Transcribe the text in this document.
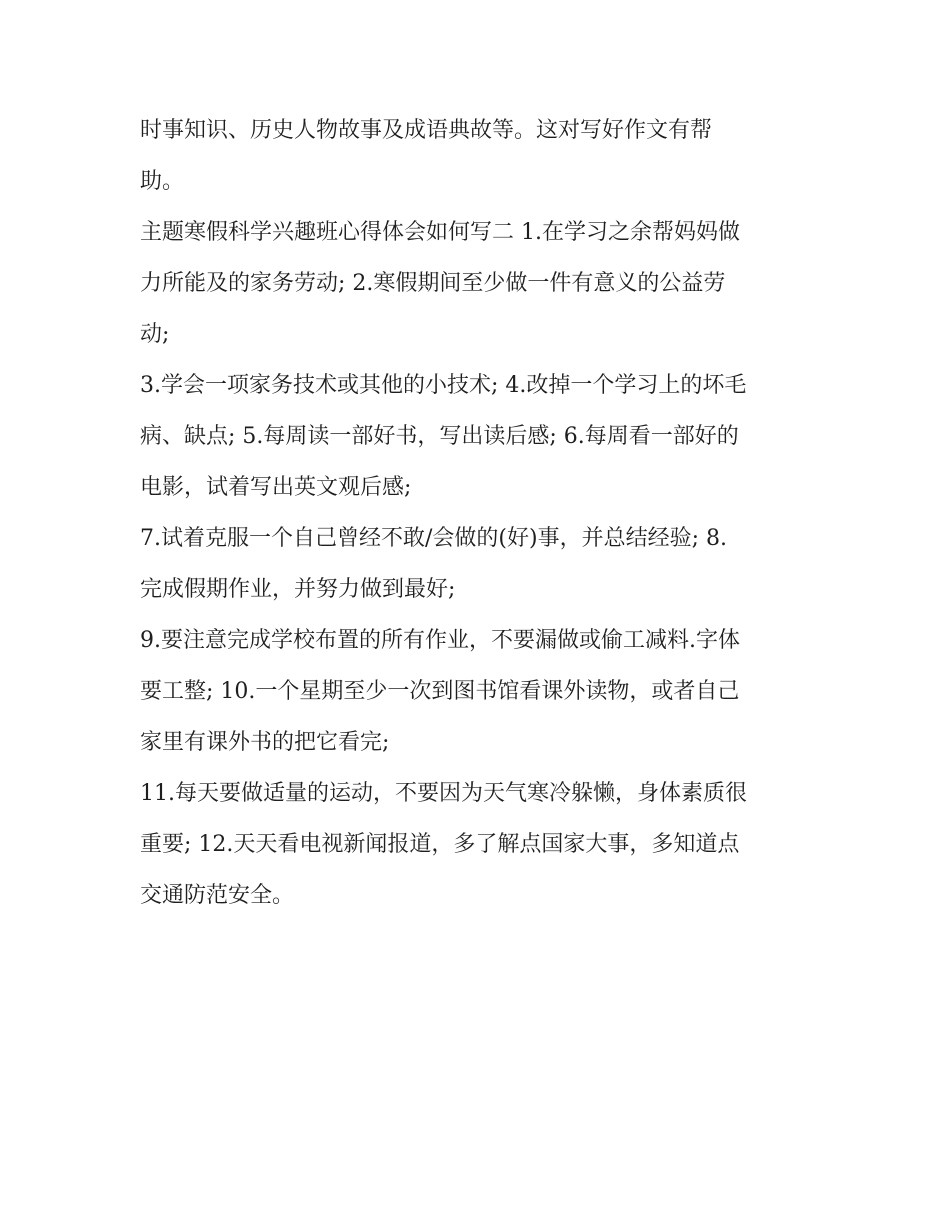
时事知识、历史人物故事及成语典故等。这对写好作文有帮
助。

主题寒假科学兴趣班心得体会如何写二 1.在学习之余帮妈妈做
力所能及的家务劳动; 2.寒假期间至少做一件有意义的公益劳
动;

3.学会一项家务技术或其他的小技术; 4.改掉一个学习上的坏毛
病、缺点; 5.每周读一部好书，写出读后感; 6.每周看一部好的
电影，试着写出英文观后感;

7.试着克服一个自己曾经不敢/会做的(好)事，并总结经验; 8.
完成假期作业，并努力做到最好;

9.要注意完成学校布置的所有作业，不要漏做或偷工减料.字体
要工整; 10.一个星期至少一次到图书馆看课外读物，或者自己
家里有课外书的把它看完;

11.每天要做适量的运动，不要因为天气寒冷躲懒，身体素质很
重要; 12.天天看电视新闻报道，多了解点国家大事，多知道点
交通防范安全。
